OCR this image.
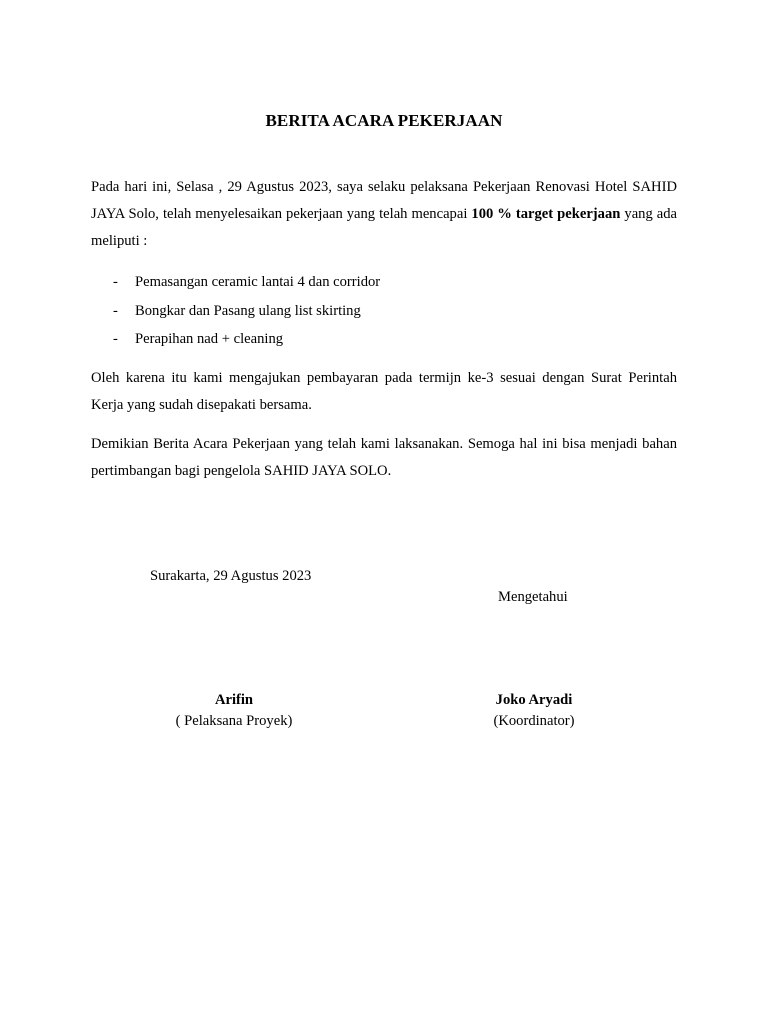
BERITA ACARA PEKERJAAN
Pada hari ini, Selasa , 29 Agustus 2023, saya selaku pelaksana Pekerjaan Renovasi Hotel SAHID JAYA Solo, telah menyelesaikan pekerjaan yang telah mencapai 100 % target pekerjaan yang ada meliputi :
- Pemasangan ceramic lantai 4 dan corridor
- Bongkar dan Pasang ulang list skirting
- Perapihan nad + cleaning
Oleh karena itu kami mengajukan pembayaran pada termijn ke-3 sesuai dengan Surat Perintah Kerja yang sudah disepakati bersama.
Demikian Berita Acara Pekerjaan yang telah kami laksanakan. Semoga hal ini bisa menjadi bahan pertimbangan bagi pengelola SAHID JAYA SOLO.
Surakarta, 29 Agustus 2023
Mengetahui
Arifin
( Pelaksana Proyek)
Joko Aryadi
(Koordinator)
